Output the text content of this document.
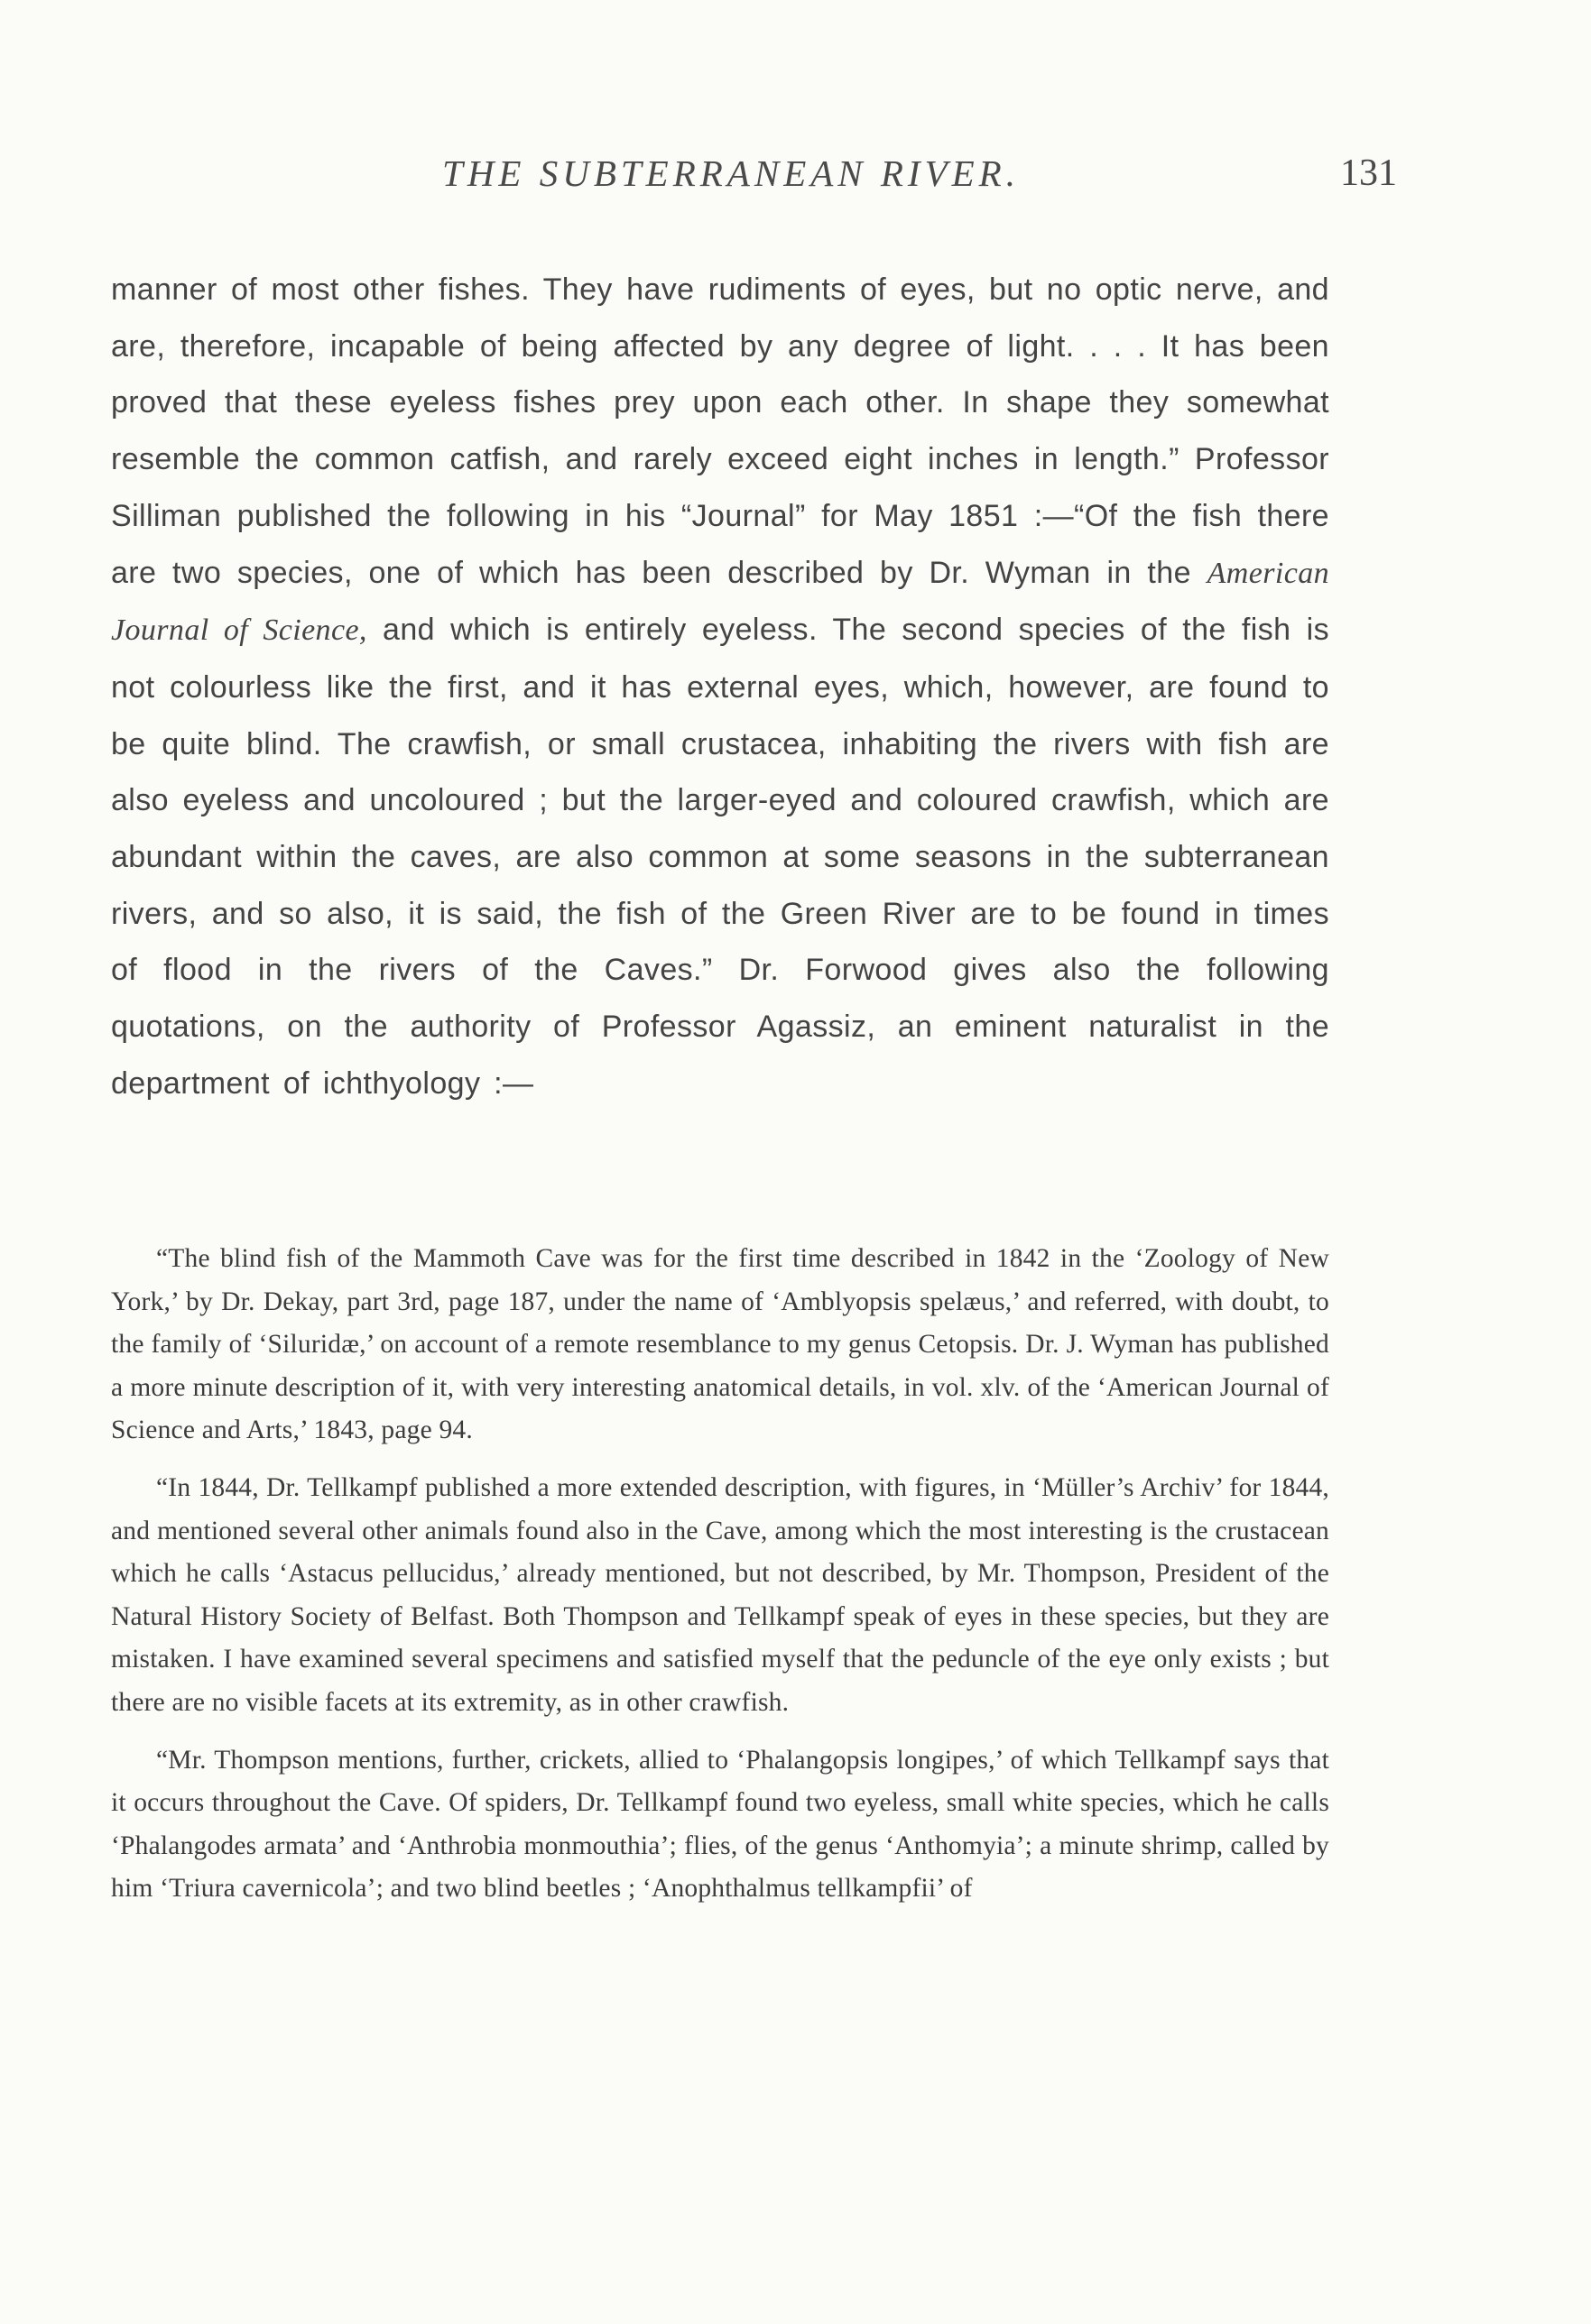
THE SUBTERRANEAN RIVER.	131
manner of most other fishes. They have rudiments of eyes, but no optic nerve, and are, therefore, incapable of being affected by any degree of light. . . . It has been proved that these eyeless fishes prey upon each other. In shape they somewhat resemble the common catfish, and rarely exceed eight inches in length.” Professor Silliman published the following in his “Journal” for May 1851 :—“Of the fish there are two species, one of which has been described by Dr. Wyman in the American Journal of Science, and which is entirely eyeless. The second species of the fish is not colourless like the first, and it has external eyes, which, however, are found to be quite blind. The crawfish, or small crustacea, inhabiting the rivers with fish are also eyeless and uncoloured ; but the larger-eyed and coloured crawfish, which are abundant within the caves, are also common at some seasons in the subterranean rivers, and so also, it is said, the fish of the Green River are to be found in times of flood in the rivers of the Caves.” Dr. Forwood gives also the following quotations, on the authority of Professor Agassiz, an eminent naturalist in the department of ichthyology :—

“The blind fish of the Mammoth Cave was for the first time described in 1842 in the ‘Zoology of New York,’ by Dr. Dekay, part 3rd, page 187, under the name of ‘Amblyopsis spelæus,’ and referred, with doubt, to the family of ‘Siluridæ,’ on account of a remote resemblance to my genus Cetopsis. Dr. J. Wyman has published a more minute description of it, with very interesting anatomical details, in vol. xlv. of the ‘American Journal of Science and Arts,’ 1843, page 94.

“In 1844, Dr. Tellkampf published a more extended description, with figures, in ‘Müller’s Archiv’ for 1844, and mentioned several other animals found also in the Cave, among which the most interesting is the crustacean which he calls ‘Astacus pellucidus,’ already mentioned, but not described, by Mr. Thompson, President of the Natural History Society of Belfast. Both Thompson and Tellkampf speak of eyes in these species, but they are mistaken. I have examined several specimens and satisfied myself that the peduncle of the eye only exists ; but there are no visible facets at its extremity, as in other crawfish.

“Mr. Thompson mentions, further, crickets, allied to ‘Phalangopsis longipes,’ of which Tellkampf says that it occurs throughout the Cave. Of spiders, Dr. Tellkampf found two eyeless, small white species, which he calls ‘Phalangodes armata’ and ‘Anthrobia monmouthia’; flies, of the genus ‘Anthomyia’; a minute shrimp, called by him ‘Triura cavernicola’; and two blind beetles ; ‘Anophthalmus tellkampfii’ of
